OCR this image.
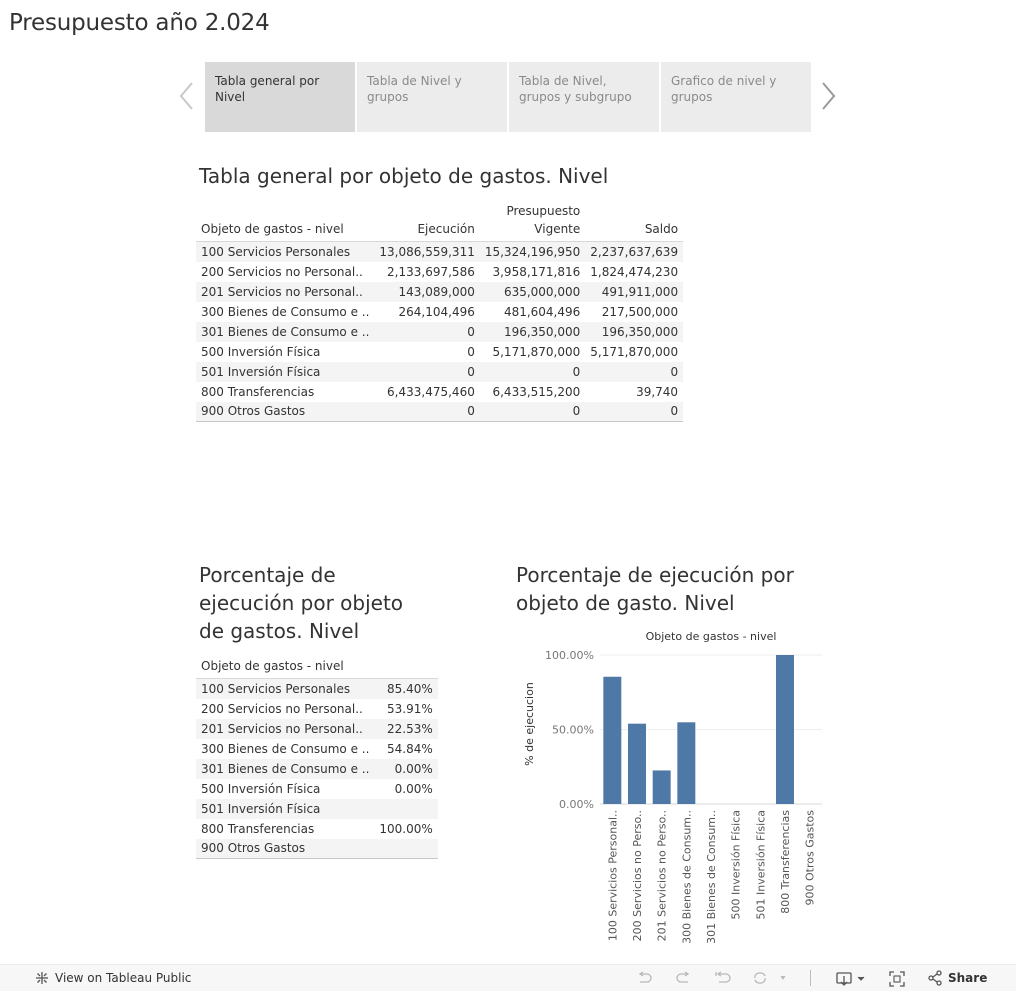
Presupuesto año 2.024
Tabla general por Nivel
Tabla de Nivel y grupos
Tabla de Nivel, grupos y subgrupo
Grafico de nivel y grupos
Tabla general por objeto de gastos. Nivel
Objeto de gastos - nivel	Ejecución	Presupuesto
Vigente	Saldo
100 Servicios Personales	13,086,559,311	15,324,196,950	2,237,637,639
200 Servicios no Personal..	2,133,697,586	3,958,171,816	1,824,474,230
201 Servicios no Personal..	143,089,000	635,000,000	491,911,000
300 Bienes de Consumo e ..	264,104,496	481,604,496	217,500,000
301 Bienes de Consumo e ..	0	196,350,000	196,350,000
500 Inversión Física	0	5,171,870,000	5,171,870,000
501 Inversión Física	0	0	0
800 Transferencias	6,433,475,460	6,433,515,200	39,740
900 Otros Gastos	0	0	0
Porcentaje de ejecución por objeto de gastos. Nivel
Objeto de gastos - nivel	
100 Servicios Personales	85.40%
200 Servicios no Personal..	53.91%
201 Servicios no Personal..	22.53%
300 Bienes de Consumo e ..	54.84%
301 Bienes de Consumo e ..	0.00%
500 Inversión Física	0.00%
501 Inversión Física	
800 Transferencias	100.00%
900 Otros Gastos	
Porcentaje de ejecución por objeto de gasto. Nivel
Objeto de gastos - nivel
% de ejecucion
0.00%
50.00%
100.00%
100 Servicios Personal.. 200 Servicios no Perso.. 201 Servicios no Perso.. 300 Bienes de Consum.. 301 Bienes de Consum.. 500 Inversión Física 501 Inversión Física 800 Transferencias 900 Otros Gastos
View on Tableau Public	Share
